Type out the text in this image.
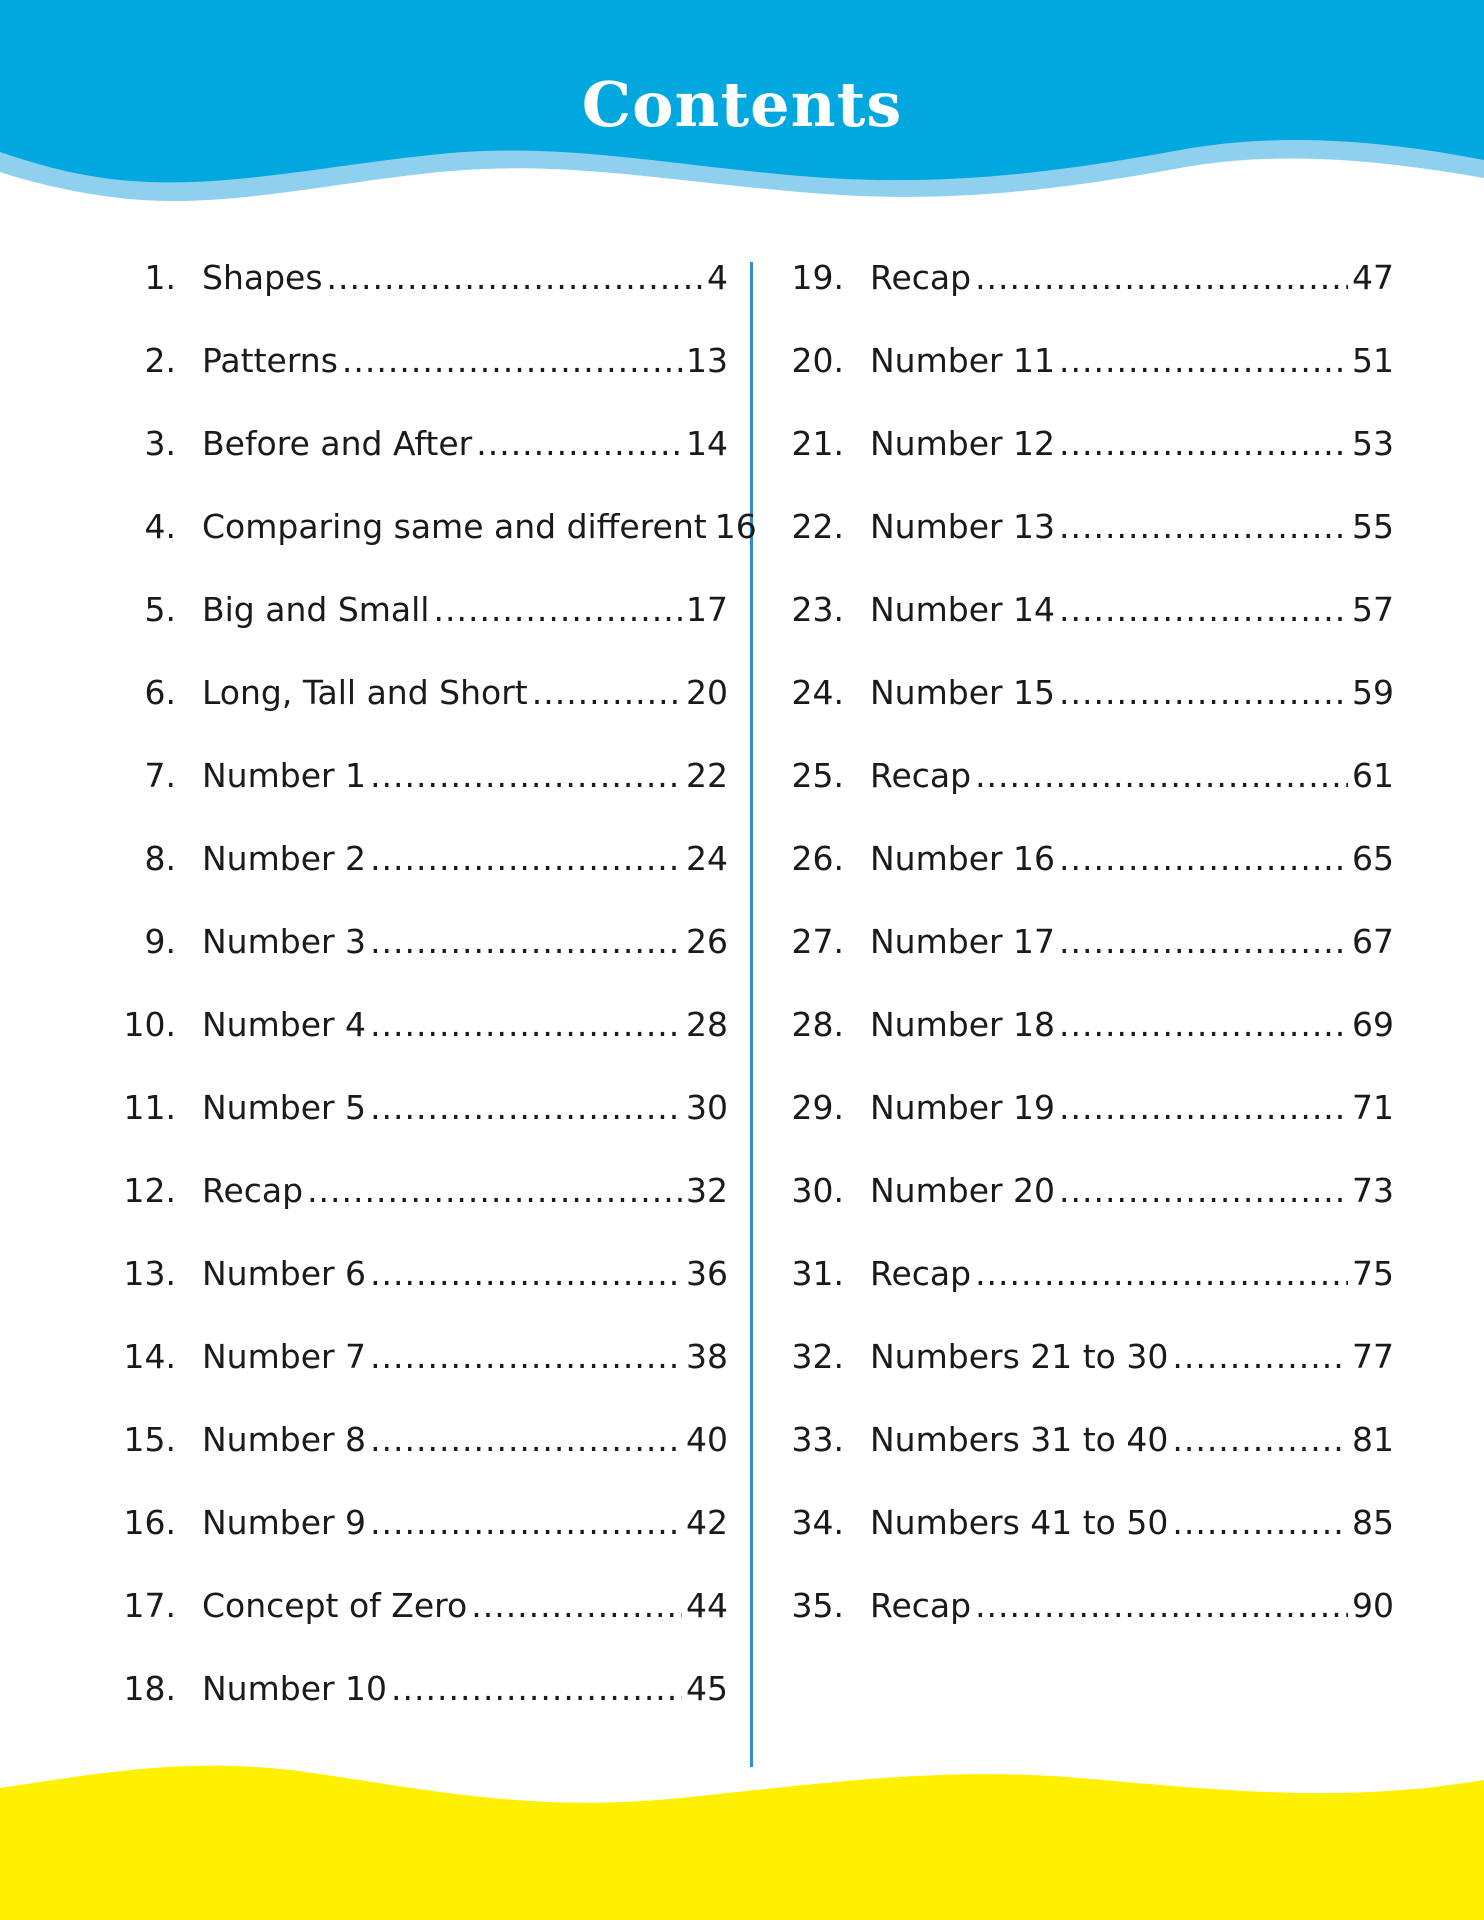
Contents
1. Shapes .....	4
2. Patterns .....	13
3. Before and After .....	14
4. Comparing same and different 16
5. Big and Small .....	17
6. Long, Tall and Short .....	20
7. Number 1 .....	22
8. Number 2 .....	24
9. Number 3 .....	26
10. Number 4 .....	28
11. Number 5 .....	30
12. Recap .....	32
13. Number 6 .....	36
14. Number 7 .....	38
15. Number 8 .....	40
16. Number 9 .....	42
17. Concept of Zero .....	44
18. Number 10 .....	45
19. Recap .....	47
20. Number 11 .....	51
21. Number 12 .....	53
22. Number 13 .....	55
23. Number 14 .....	57
24. Number 15 .....	59
25. Recap .....	61
26. Number 16 .....	65
27. Number 17 .....	67
28. Number 18 .....	69
29. Number 19 .....	71
30. Number 20 .....	73
31. Recap .....	75
32. Numbers 21 to 30 .....	77
33. Numbers 31 to 40 .....	81
34. Numbers 41 to 50 .....	85
35. Recap .....	90
